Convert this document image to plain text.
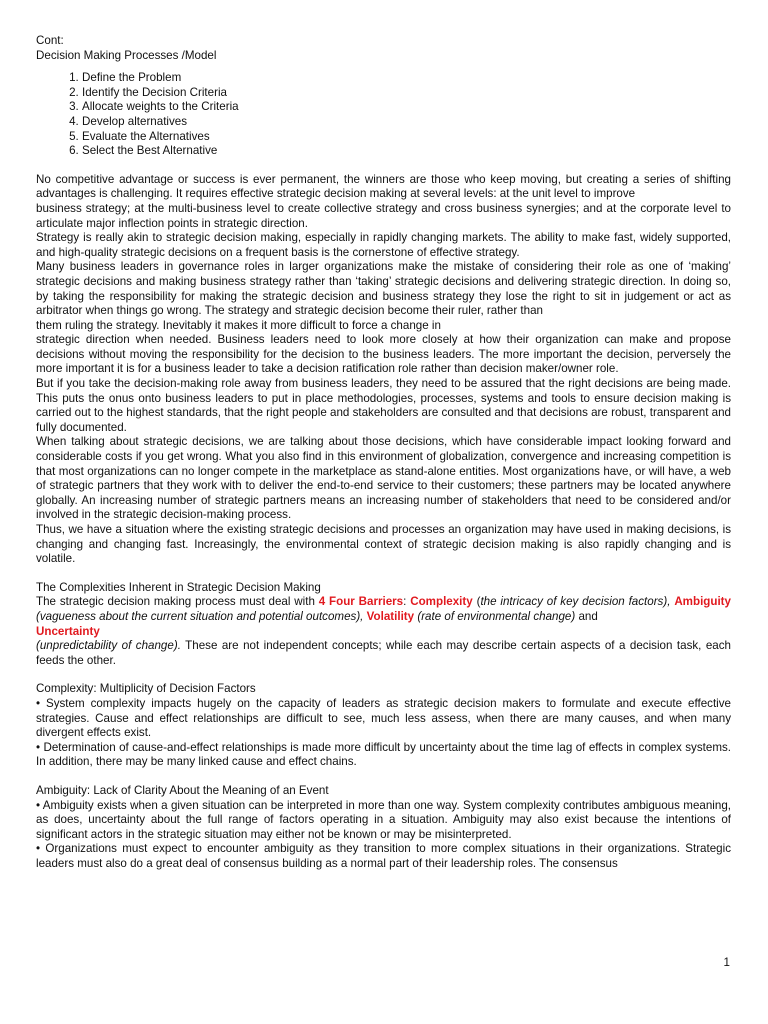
Cont:
Decision Making Processes /Model
1. Define the Problem
2. Identify the Decision Criteria
3. Allocate weights to the Criteria
4. Develop alternatives
5. Evaluate the Alternatives
6. Select the Best Alternative

No competitive advantage or success is ever permanent, the winners are those who keep moving, but creating a series of shifting advantages is challenging. It requires effective strategic decision making at several levels: at the unit level to improve

business strategy; at the multi-business level to create collective strategy and cross business synergies; and at the corporate level to articulate major inflection points in strategic direction.

Strategy is really akin to strategic decision making, especially in rapidly changing markets. The ability to make fast, widely supported, and high-quality strategic decisions on a frequent basis is the cornerstone of effective strategy.

Many business leaders in governance roles in larger organizations make the mistake of considering their role as one of ‘making’ strategic decisions and making business strategy rather than ‘taking’ strategic decisions and delivering strategic direction. In doing so, by taking the responsibility for making the strategic decision and business strategy they lose the right to sit in judgement or act as arbitrator when things go wrong. The strategy and strategic decision become their ruler, rather than

them ruling the strategy. Inevitably it makes it more difficult to force a change in

strategic direction when needed. Business leaders need to look more closely at how their organization can make and propose decisions without moving the responsibility for the decision to the business leaders. The more important the decision, perversely the more important it is for a business leader to take a decision ratification role rather than decision maker/owner role.

But if you take the decision-making role away from business leaders, they need to be assured that the right decisions are being made. This puts the onus onto business leaders to put in place methodologies, processes, systems and tools to ensure decision making is carried out to the highest standards, that the right people and stakeholders are consulted and that decisions are robust, transparent and fully documented.

When talking about strategic decisions, we are talking about those decisions, which have considerable impact looking forward and considerable costs if you get wrong. What you also find in this environment of globalization, convergence and increasing competition is that most organizations can no longer compete in the marketplace as stand-alone entities. Most organizations have, or will have, a web of strategic partners that they work with to deliver the end-to-end service to their customers; these partners may be located anywhere globally. An increasing number of strategic partners means an increasing number of stakeholders that need to be considered and/or involved in the strategic decision-making process.

Thus, we have a situation where the existing strategic decisions and processes an organization may have used in making decisions, is changing and changing fast. Increasingly, the environmental context of strategic decision making is also rapidly changing and is volatile.

The Complexities Inherent in Strategic Decision Making

The strategic decision making process must deal with 4 Four Barriers: Complexity (the intricacy of key decision factors), Ambiguity (vagueness about the current situation and potential outcomes), Volatility (rate of environmental change) and
Uncertainty
(unpredictability of change). These are not independent concepts; while each may describe certain aspects of a decision task, each feeds the other.

Complexity: Multiplicity of Decision Factors

• System complexity impacts hugely on the capacity of leaders as strategic decision makers to formulate and execute effective strategies. Cause and effect relationships are difficult to see, much less assess, when there are many causes, and when many divergent effects exist.

• Determination of cause-and-effect relationships is made more difficult by uncertainty about the time lag of effects in complex systems. In addition, there may be many linked cause and effect chains.

Ambiguity: Lack of Clarity About the Meaning of an Event

• Ambiguity exists when a given situation can be interpreted in more than one way. System complexity contributes ambiguous meaning, as does, uncertainty about the full range of factors operating in a situation. Ambiguity may also exist because the intentions of significant actors in the strategic situation may either not be known or may be misinterpreted.

• Organizations must expect to encounter ambiguity as they transition to more complex situations in their organizations. Strategic leaders must also do a great deal of consensus building as a normal part of their leadership roles. The consensus

1
